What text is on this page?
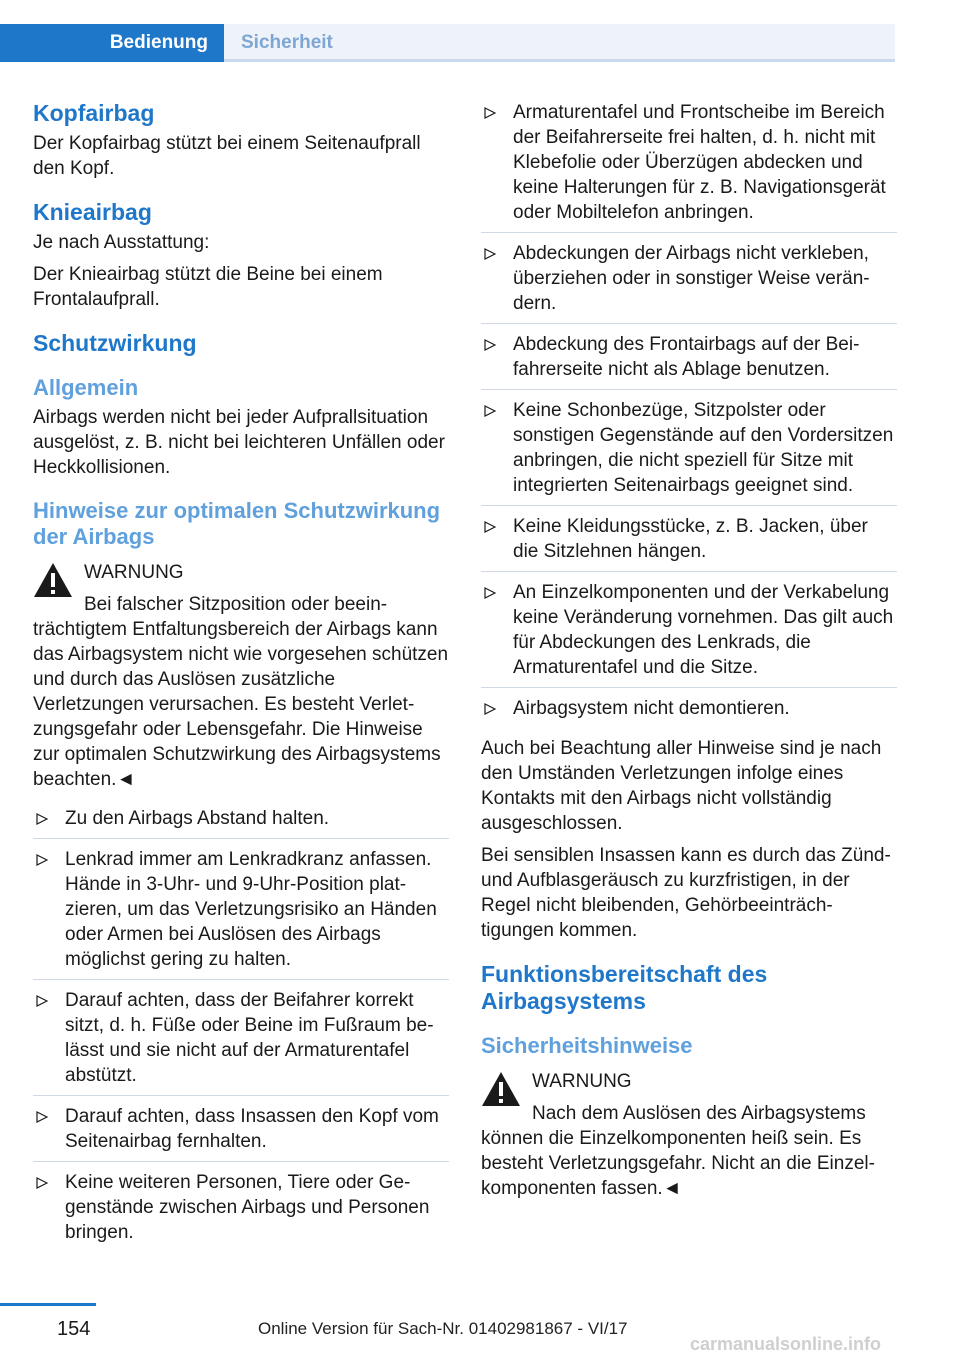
Bedienung	Sicherheit
Kopfairbag

Der Kopfairbag stützt bei einem Seitenaufprall den Kopf.

Knieairbag

Je nach Ausstattung:

Der Knieairbag stützt die Beine bei einem Frontalaufprall.

Schutzwirkung
Allgemein

Airbags werden nicht bei jeder Aufprallsituation ausgelöst, z. B. nicht bei leichteren Unfällen oder Heckkollisionen.

Hinweise zur optimalen Schutzwirkung der Airbags
WARNUNG
Bei falscher Sitzposition oder beeinträchtigtem Entfaltungsbereich der Airbags kann das Airbagsystem nicht wie vorgesehen schützen und durch das Auslösen zusätzliche Verletzungen verursachen. Es besteht Verletzungsgefahr oder Lebensgefahr. Die Hinweise zur optimalen Schutzwirkung des Airbagsystems beachten.◄
Zu den Airbags Abstand halten.
Lenkrad immer am Lenkradkranz anfassen. Hände in 3-Uhr- und 9-Uhr-Position platzieren, um das Verletzungsrisiko an Händen oder Armen bei Auslösen des Airbags möglichst gering zu halten.
Darauf achten, dass der Beifahrer korrekt sitzt, d. h. Füße oder Beine im Fußraum belässt und sie nicht auf der Armaturentafel abstützt.
Darauf achten, dass Insassen den Kopf vom Seitenairbag fernhalten.
Keine weiteren Personen, Tiere oder Gegenstände zwischen Airbags und Personen bringen.
Armaturentafel und Frontscheibe im Bereich der Beifahrerseite frei halten, d. h. nicht mit Klebefolie oder Überzügen abdecken und keine Halterungen für z. B. Navigationsgerät oder Mobiltelefon anbringen.
Abdeckungen der Airbags nicht verkleben, überziehen oder in sonstiger Weise verändern.
Abdeckung des Frontairbags auf der Beifahrerseite nicht als Ablage benutzen.
Keine Schonbezüge, Sitzpolster oder sonstigen Gegenstände auf den Vordersitzen anbringen, die nicht speziell für Sitze mit integrierten Seitenairbags geeignet sind.
Keine Kleidungsstücke, z. B. Jacken, über die Sitzlehnen hängen.
An Einzelkomponenten und der Verkabelung keine Veränderung vornehmen. Das gilt auch für Abdeckungen des Lenkrads, die Armaturentafel und die Sitze.
Airbagsystem nicht demontieren.

Auch bei Beachtung aller Hinweise sind je nach den Umständen Verletzungen infolge eines Kontakts mit den Airbags nicht vollständig ausgeschlossen.

Bei sensiblen Insassen kann es durch das Zünd- und Aufblasgeräusch zu kurzfristigen, in der Regel nicht bleibenden, Gehörbeeinträchtigungen kommen.

Funktionsbereitschaft des Airbagsystems
Sicherheitshinweise
WARNUNG
Nach dem Auslösen des Airbagsystems können die Einzelkomponenten heiß sein. Es besteht Verletzungsgefahr. Nicht an die Einzelkomponenten fassen.◄
154	Online Version für Sach-Nr. 01402981867 - VI/17
carmanualsonline.info
